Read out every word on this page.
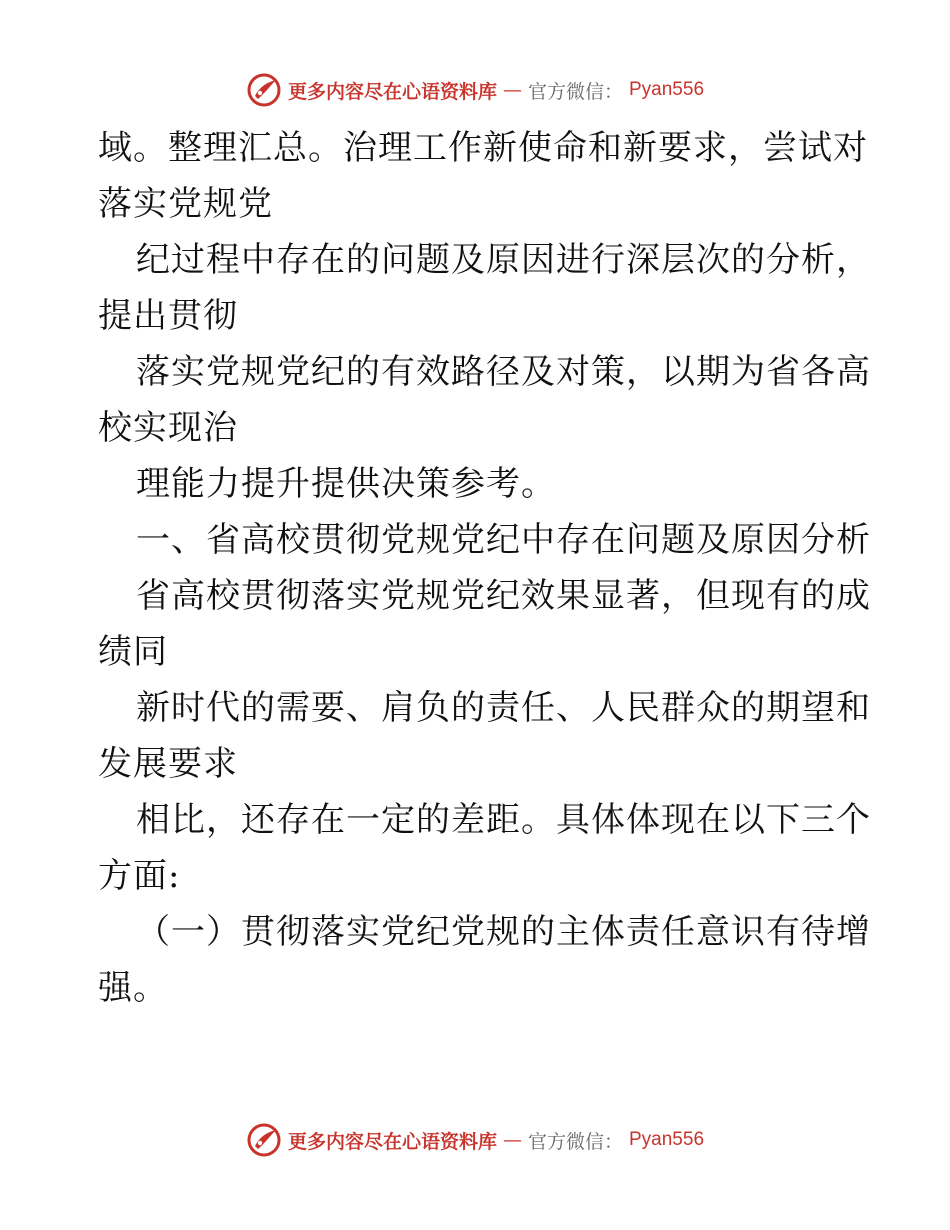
更多内容尽在心语资料库 — 官方微信： Pyan556
域。整理汇总。治理工作新使命和新要求，尝试对
落实党规党
纪过程中存在的问题及原因进行深层次的分析，
提出贯彻
落实党规党纪的有效路径及对策，以期为省各高
校实现治
理能力提升提供决策参考。
一、省高校贯彻党规党纪中存在问题及原因分析
省高校贯彻落实党规党纪效果显著，但现有的成
绩同
新时代的需要、肩负的责任、人民群众的期望和
发展要求
相比，还存在一定的差距。具体体现在以下三个
方面:
（一）贯彻落实党纪党规的主体责任意识有待增
强。
更多内容尽在心语资料库 — 官方微信： Pyan556
